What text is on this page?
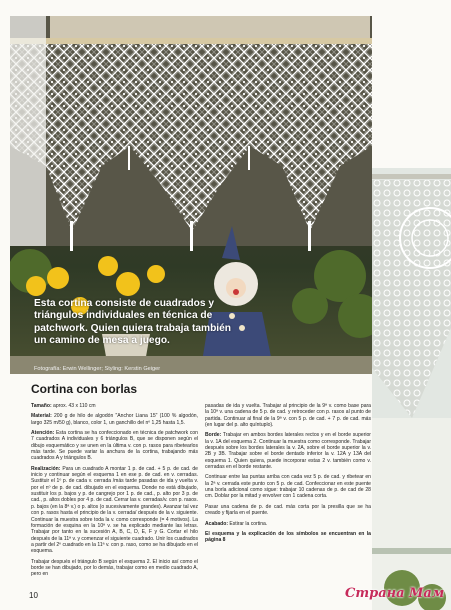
Esta cortina consiste de cuadrados y triángulos individuales en técnica de patchwork. Quien quiera trabaja también un camino de mesa a juego.
Fotografía: Erwin Wellinger; Styling: Kerstin Geiger
Cortina con borlas

Tamaño: aprox. 43 x 110 cm

Material: 200 g de hilo de algodón "Anchor Liana 15" (100 % algodón, largo 325 m/50 g), blanco, color 1, un ganchillo del nº 1,25 hasta 1,5.

Atención: Esta cortina se ha confeccionado en técnica de patchwork con 7 cuadrados A individuales y 6 triángulos B, que se disponen según el dibujo esquemático y se unen en la última v. con p. rasos para ribetearlos más tarde. Se puede variar la anchura de la cortina, trabajando más cuadrados A y triángulos B.

Realización: Para un cuadrado A montar 1 p. de cad. + 5 p. de cad. de inicio y continuar según el esquema 1 en ese p. de cad. en v. cerradas. Sustituir el 1º p. de cada v. cerrada /más tarde pasadas de ida y vuelta v. por el nº de p. de cad. dibujado en el esquema. Donde no está dibujado, sustituir los p. bajos y p. de cangrejo por 1 p. de cad., p. alto por 3 p. de cad., p. altos dobles por 4 p. de cad. Cerrar las v. cerradas/v. con p. rasos. p. bajos (en la 8ª v.) o p. altos (o sucesivamente grandes). Avanzar tal vez con p. rasos hasta el principio de la v. cerrada/ después de la v. siguiente. Continuar la muestra sobre toda la v. como corresponde (= 4 motivos). La formación de esquina en la 10ª v. se ha explicado mediante las letras. Trabajar por tanto en la sucesión A, B, C, D, E, F y G. Cortar el hilo después de la 11ª v. y comenzar el siguiente cuadrado. Unir los cuadrados a partir del 2º cuadrado en la 11ª v. con p. raso, como se ha dibujado en el esquema.

Trabajar después el triángulo B según el esquema 2. El inicio así como el borde se han dibujado, por lo demás, trabajar como en medio cuadrado A, pero en

pasadas de ida y vuelta. Trabajar al principio de la 9ª v. como base para la 10ª v. una cadena de 5 p. de cad. y retroceder con p. rasos al punto de partida. Continuar al final de la 9ª v. con 5 p. de cad. + 7 p. de cad. más (en lugar del p. alto quíntuplo).

Borde: Trabajar en ambos bordes laterales rectos y en el borde superior la v. 1A del esquema 2. Continuar la muestra como corresponde. Trabajar después sobre los bordes laterales la v. 2A, sobre el borde superior la v. 2B y 3B. Trabajar sobre el borde dentado inferior la v. 12A y 13A del esquema 1. Quien quiera, puede incorporar estas 2 v. también como v. cerradas en el borde restante.

Continuar entre las puntas arriba con cada vez 5 p. de cad. y ribetear en la 2ª v. cerrada este punto con 5 p. de cad. Confeccionar en este puente una borla adicional como sigue: trabajar 10 cadenas de p. de cad de 28 cm. Doblar por la mitad y envolver con 1 cadena corta.

Pasar una cadena de p. de cad. más corta por la presilla que se ha creado y fijarla en el puente.

Acabado: Estirar la cortina.

El esquema y la explicación de los símbolos se encuentran en la página 8

10	Страна Мам
